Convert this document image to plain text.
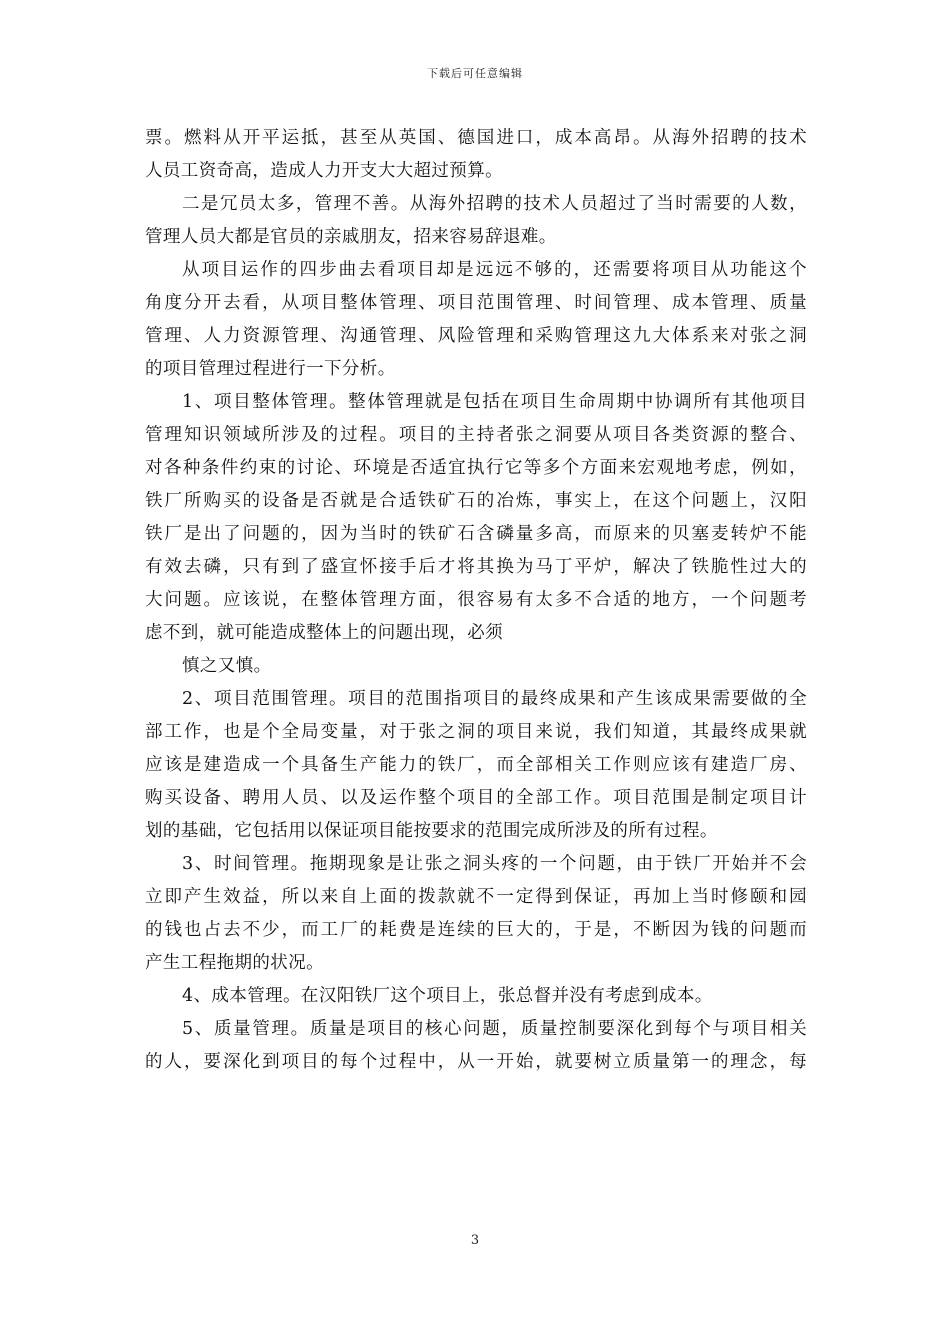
下载后可任意编辑
票。燃料从开平运抵，甚至从英国、德国进口，成本高昂。从海外招聘的技术
人员工资奇高，造成人力开支大大超过预算。
二是冗员太多，管理不善。从海外招聘的技术人员超过了当时需要的人数，
管理人员大都是官员的亲戚朋友，招来容易辞退难。
从项目运作的四步曲去看项目却是远远不够的，还需要将项目从功能这个
角度分开去看，从项目整体管理、项目范围管理、时间管理、成本管理、质量
管理、人力资源管理、沟通管理、风险管理和采购管理这九大体系来对张之洞
的项目管理过程进行一下分析。
1、项目整体管理。整体管理就是包括在项目生命周期中协调所有其他项目
管理知识领域所涉及的过程。项目的主持者张之洞要从项目各类资源的整合、
对各种条件约束的讨论、环境是否适宜执行它等多个方面来宏观地考虑，例如，
铁厂所购买的设备是否就是合适铁矿石的冶炼，事实上，在这个问题上，汉阳
铁厂是出了问题的，因为当时的铁矿石含磷量多高，而原来的贝塞麦转炉不能
有效去磷，只有到了盛宣怀接手后才将其换为马丁平炉，解决了铁脆性过大的
大问题。应该说，在整体管理方面，很容易有太多不合适的地方，一个问题考
虑不到，就可能造成整体上的问题出现，必须
慎之又慎。
2、项目范围管理。项目的范围指项目的最终成果和产生该成果需要做的全
部工作，也是个全局变量，对于张之洞的项目来说，我们知道，其最终成果就
应该是建造成一个具备生产能力的铁厂，而全部相关工作则应该有建造厂房、
购买设备、聘用人员、以及运作整个项目的全部工作。项目范围是制定项目计
划的基础，它包括用以保证项目能按要求的范围完成所涉及的所有过程。
3、时间管理。拖期现象是让张之洞头疼的一个问题，由于铁厂开始并不会
立即产生效益，所以来自上面的拨款就不一定得到保证，再加上当时修颐和园
的钱也占去不少，而工厂的耗费是连续的巨大的，于是，不断因为钱的问题而
产生工程拖期的状况。
4、成本管理。在汉阳铁厂这个项目上，张总督并没有考虑到成本。
5、质量管理。质量是项目的核心问题，质量控制要深化到每个与项目相关
的人，要深化到项目的每个过程中，从一开始，就要树立质量第一的理念，每
3
